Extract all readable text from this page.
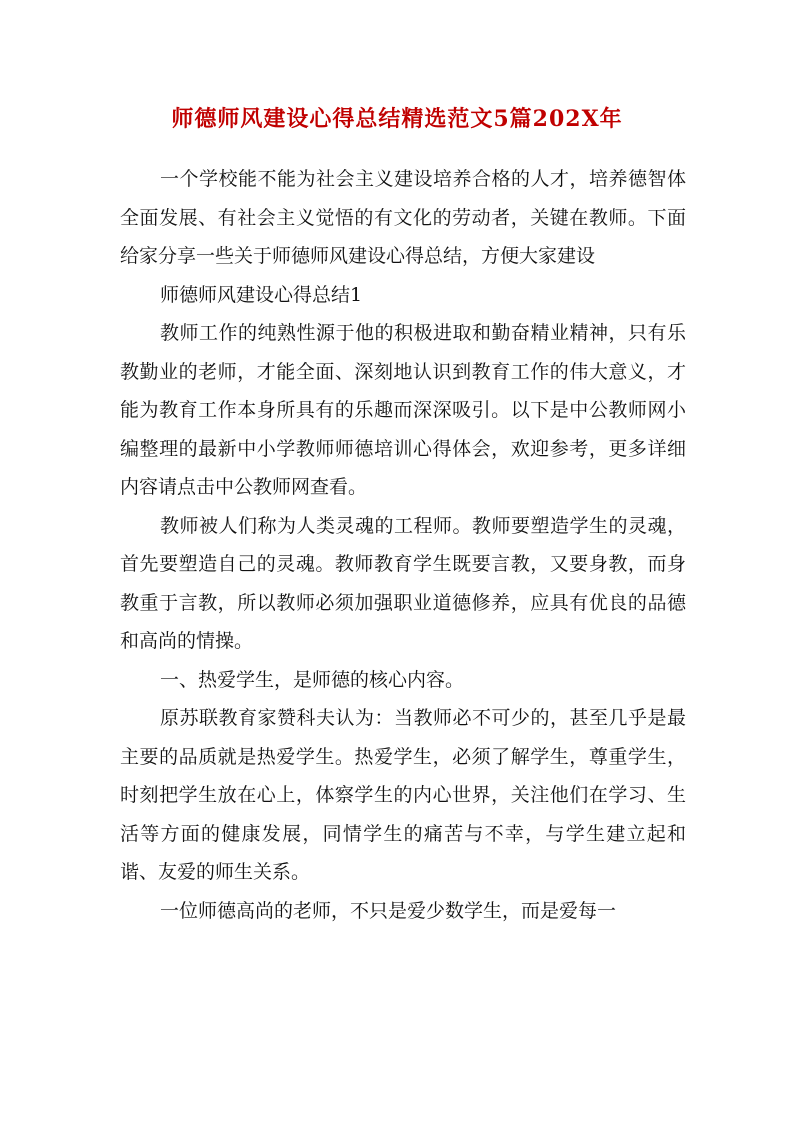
师德师风建设心得总结精选范文5篇202X年

一个学校能不能为社会主义建设培养合格的人才，培养德智体全面发展、有社会主义觉悟的有文化的劳动者，关键在教师。下面给家分享一些关于师德师风建设心得总结，方便大家建设

师德师风建设心得总结1

教师工作的纯熟性源于他的积极进取和勤奋精业精神，只有乐教勤业的老师，才能全面、深刻地认识到教育工作的伟大意义，才能为教育工作本身所具有的乐趣而深深吸引。以下是中公教师网小编整理的最新中小学教师师德培训心得体会，欢迎参考，更多详细内容请点击中公教师网查看。

教师被人们称为人类灵魂的工程师。教师要塑造学生的灵魂，首先要塑造自己的灵魂。教师教育学生既要言教，又要身教，而身教重于言教，所以教师必须加强职业道德修养，应具有优良的品德和高尚的情操。

一、热爱学生，是师德的核心内容。

原苏联教育家赞科夫认为：当教师必不可少的，甚至几乎是最主要的品质就是热爱学生。热爱学生，必须了解学生，尊重学生，时刻把学生放在心上，体察学生的内心世界，关注他们在学习、生活等方面的健康发展，同情学生的痛苦与不幸，与学生建立起和谐、友爱的师生关系。

一位师德高尚的老师，不只是爱少数学生，而是爱每一
